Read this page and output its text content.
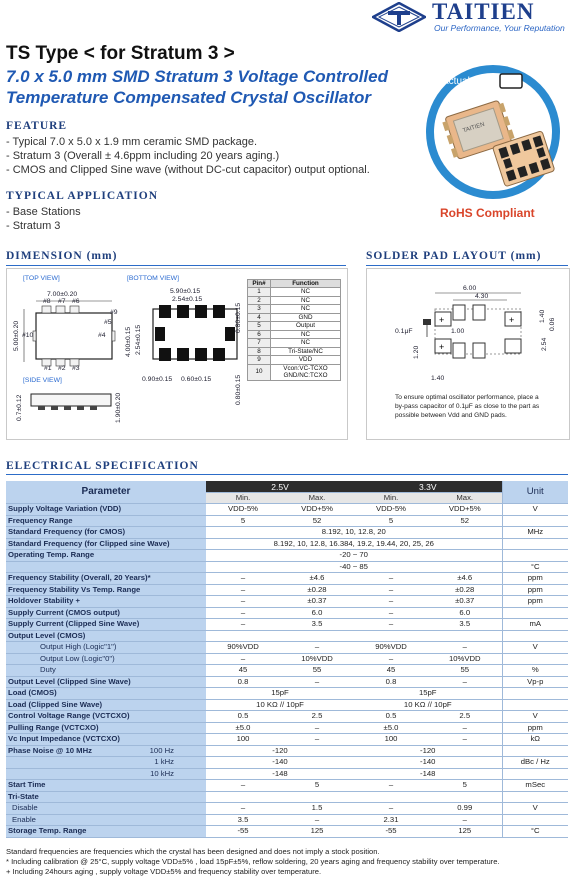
TAITIEN
Our Performance, Your Reputation
TS Type < for Stratum 3 >
7.0 x 5.0 mm SMD Stratum 3 Voltage Controlled
Temperature Compensated Crystal Oscillator
Actual Size
TAITIEN
RoHS Compliant
FEATURE
- Typical 7.0 x 5.0 x 1.9 mm ceramic SMD package.
- Stratum 3 (Overall ± 4.6ppm including 20 years aging.)
- CMOS and Clipped Sine wave (without DC-cut capacitor) output optional.
TYPICAL APPLICATION
- Base Stations
- Stratum 3
DIMENSION (mm)
[TOP VIEW]
7.00±0.20
5.00±0.20
#8 #7 #6
#10
#5
#1 #2 #3
#4
#9
[SIDE VIEW]
0.7±0.12	1.90±0.20
[BOTTOM VIEW]
5.90±0.15
2.54±0.15
4.00±0.15 2.54±0.15
0.80±0.15
0.80±0.15
0.90±0.15 0.60±0.15
Pin#	Function
1	NC
2	NC
3	NC
4	GND
5	Output
6	NC
7	NC
8	Tri-State/NC
9	VDD
10	Vcon:VC-TCXO GND/NC:TCXO
SOLDER PAD LAYOUT (mm)
+	+
+
6.00
4.30
1.00
1.40
0.06
2.54
1.20
1.40
0.1μF
To ensure optimal oscillator performance, place a
by-pass capacitor of 0.1μF as close to the part as
possible between Vdd and GND pads.
ELECTRICAL SPECIFICATION
Parameter	2.5V		3.3V		Unit
	Min.	Max.	Min.	Max.	
Supply Voltage Variation (VDD)	VDD-5%	VDD+5%	VDD-5%	VDD+5%	V
Frequency Range	5	52	5	52	
Standard Frequency (for CMOS)	8.192, 10, 12.8, 20				MHz
Standard Frequency (for Clipped sine Wave)	8.192, 10, 12.8, 16.384, 19.2, 19.44, 20, 25, 26				
Operating Temp. Range	-20 ~ 70				
	-40 ~ 85				°C
Frequency Stability (Overall, 20 Years)*	–	±4.6	–	±4.6	ppm
Frequency Stability Vs Temp. Range	–	±0.28	–	±0.28	ppm
Holdover Stability +	–	±0.37	–	±0.37	ppm
Supply Current (CMOS output)	–	6.0	–	6.0	
Supply Current (Clipped Sine Wave)	–	3.5	–	3.5	mA
Output Level (CMOS)					
Output High (Logic"1")	90%VDD	–	90%VDD	–	V
Output Low (Logic"0")	–	10%VDD	–	10%VDD	
Duty	45	55	45	55	%
Output Level (Clipped Sine Wave)	0.8	–	0.8	–	Vp-p
Load (CMOS)	15pF		15pF		
Load (Clipped Sine Wave)	10 KΩ // 10pF		10 KΩ // 10pF		
Control Voltage Range (VCTCXO)	0.5	2.5	0.5	2.5	V
Pulling Range (VCTCXO)	±5.0	–	±5.0	–	ppm
Vc Input Impedance (VCTCXO)	100	–	100	–	kΩ
Phase Noise @ 10 MHz 100 Hz	-120		-120		

1 kHz	-140		-140		dBc / Hz

10 kHz	-148		-148		
Start Time	–	5	–	5	mSec
Tri-State					
Disable	–	1.5	–	0.99	V
Enable	3.5	–	2.31	–	
Storage Temp. Range	-55	125	-55	125	°C
Standard frequencies are frequencies which the crystal has been designed and does not imply a stock position.
* Including calibration @ 25°C, supply voltage VDD±5% , load 15pF±5%, reflow soldering, 20 years aging and frequency stability over temperature.
+ Including 24hours aging , supply voltage VDD±5% and frequency stability over temperature.
